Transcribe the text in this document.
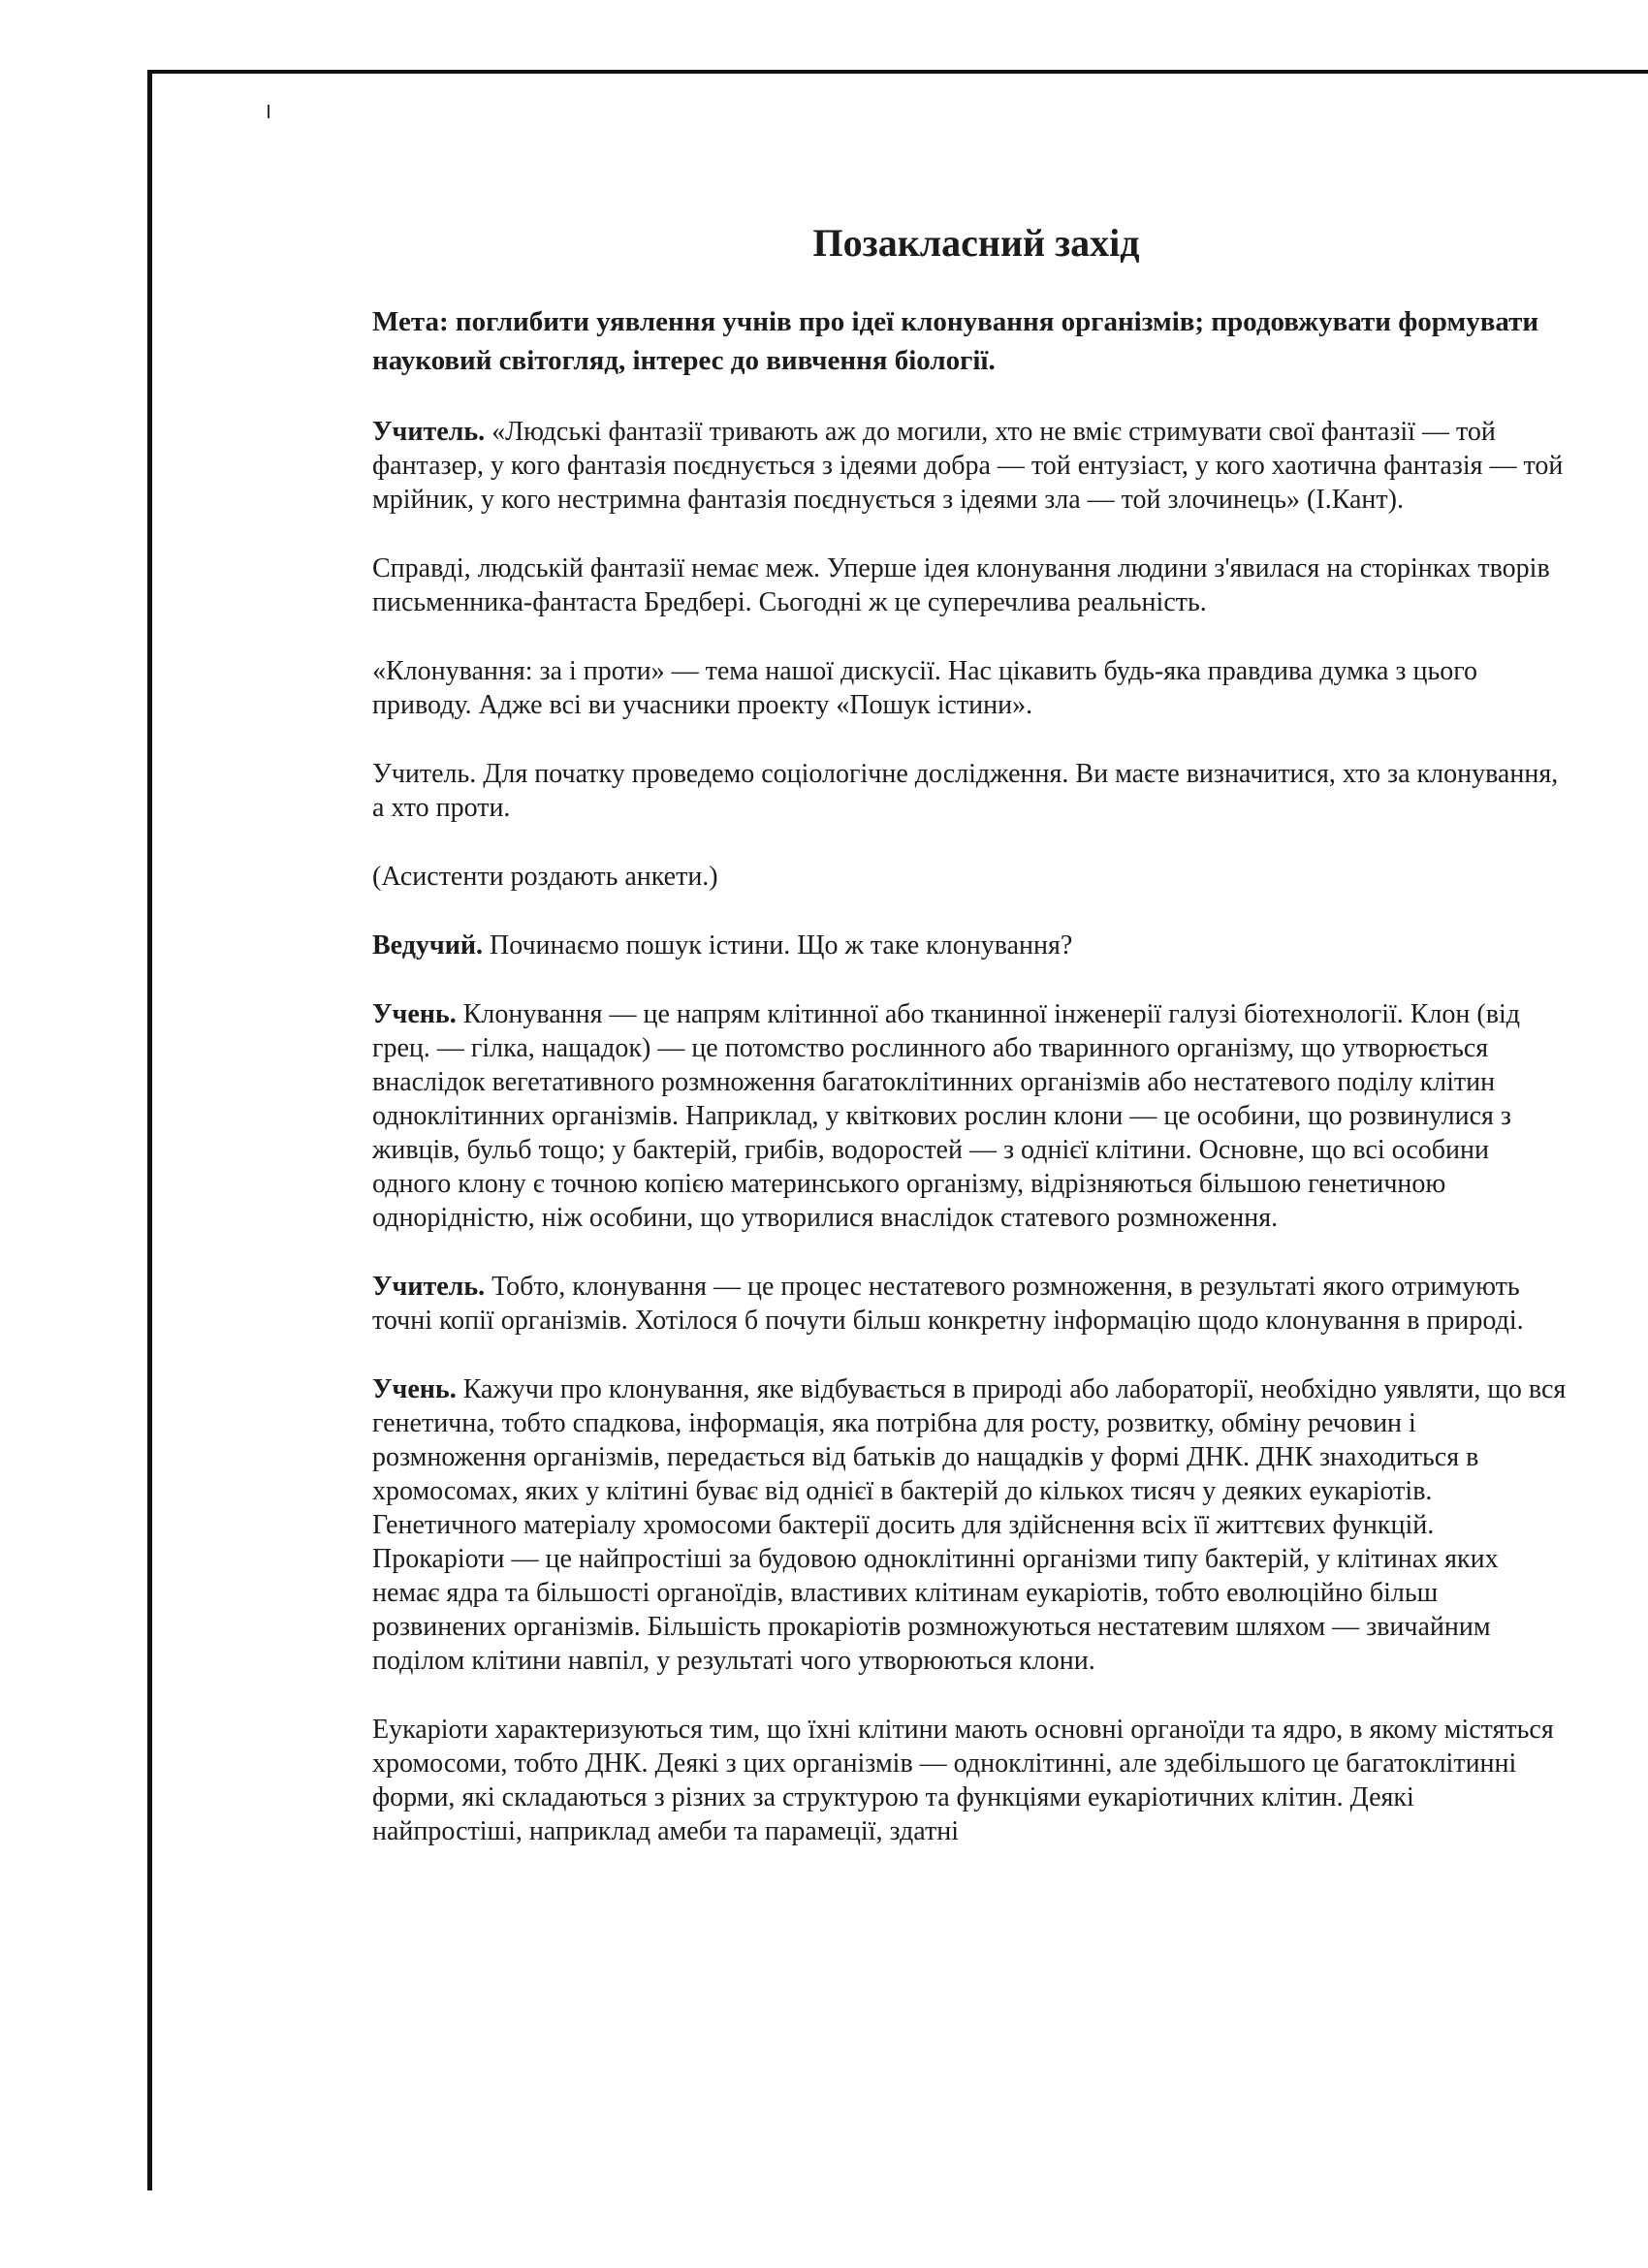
Позакласний захід

Мета: поглибити уявлення учнів про ідеї клонування організмів; продовжувати формувати науковий світогляд, інтерес до вивчення біології.

Учитель. «Людські фантазії тривають аж до могили, хто не вміє стримувати свої фантазії — той фантазер, у кого фантазія поєднується з ідеями добра — той ентузіаст, у кого хаотична фантазія — той мрійник, у кого нестримна фантазія поєднується з ідеями зла — той злочинець» (І.Кант).

Справді, людській фантазії немає меж. Уперше ідея клонування людини з'явилася на сторінках творів письменника-фантаста Бредбері. Сьогодні ж це суперечлива реальність.

«Клонування: за і проти» — тема нашої дискусії. Нас цікавить будь-яка правдива думка з цього приводу. Адже всі ви учасники проекту «Пошук істини».

Учитель. Для початку проведемо соціологічне дослідження. Ви маєте визначитися, хто за клонування, а хто проти.

(Асистенти роздають анкети.)

Ведучий. Починаємо пошук істини. Що ж таке клонування?

Учень. Клонування — це напрям клітинної або тканинної інженерії галузі біотехнології. Клон (від грец. — гілка, нащадок) — це потомство рослинного або тваринного організму, що утворюється внаслідок вегетативного розмноження багатоклітинних організмів або нестатевого поділу клітин одноклітинних організмів. Наприклад, у квіткових рослин клони — це особини, що розвинулися з живців, бульб тощо; у бактерій, грибів, водоростей — з однієї клітини. Основне, що всі особини одного клону є точною копією материнського організму, відрізняються більшою генетичною однорідністю, ніж особини, що утворилися внаслідок статевого розмноження.

Учитель. Тобто, клонування — це процес нестатевого розмноження, в результаті якого отримують точні копії організмів. Хотілося б почути більш конкретну інформацію щодо клонування в природі.

Учень. Кажучи про клонування, яке відбувається в природі або лабораторії, необхідно уявляти, що вся генетична, тобто спадкова, інформація, яка потрібна для росту, розвитку, обміну речовин і розмноження організмів, передається від батьків до нащадків у формі ДНК. ДНК знаходиться в хромосомах, яких у клітині буває від однієї в бактерій до кількох тисяч у деяких еукаріотів. Генетичного матеріалу хромосоми бактерії досить для здійснення всіх її життєвих функцій. Прокаріоти — це найпростіші за будовою одноклітинні організми типу бактерій, у клітинах яких немає ядра та більшості органоїдів, властивих клітинам еукаріотів, тобто еволюційно більш розвинених організмів. Більшість прокаріотів розмножуються нестатевим шляхом — звичайним поділом клітини навпіл, у результаті чого утворюються клони.

Еукаріоти характеризуються тим, що їхні клітини мають основні органоїди та ядро, в якому містяться хромосоми, тобто ДНК. Деякі з цих організмів — одноклітинні, але здебільшого це багатоклітинні форми, які складаються з різних за структурою та функціями еукаріотичних клітин. Деякі найпростіші, наприклад амеби та парамеції, здатні
